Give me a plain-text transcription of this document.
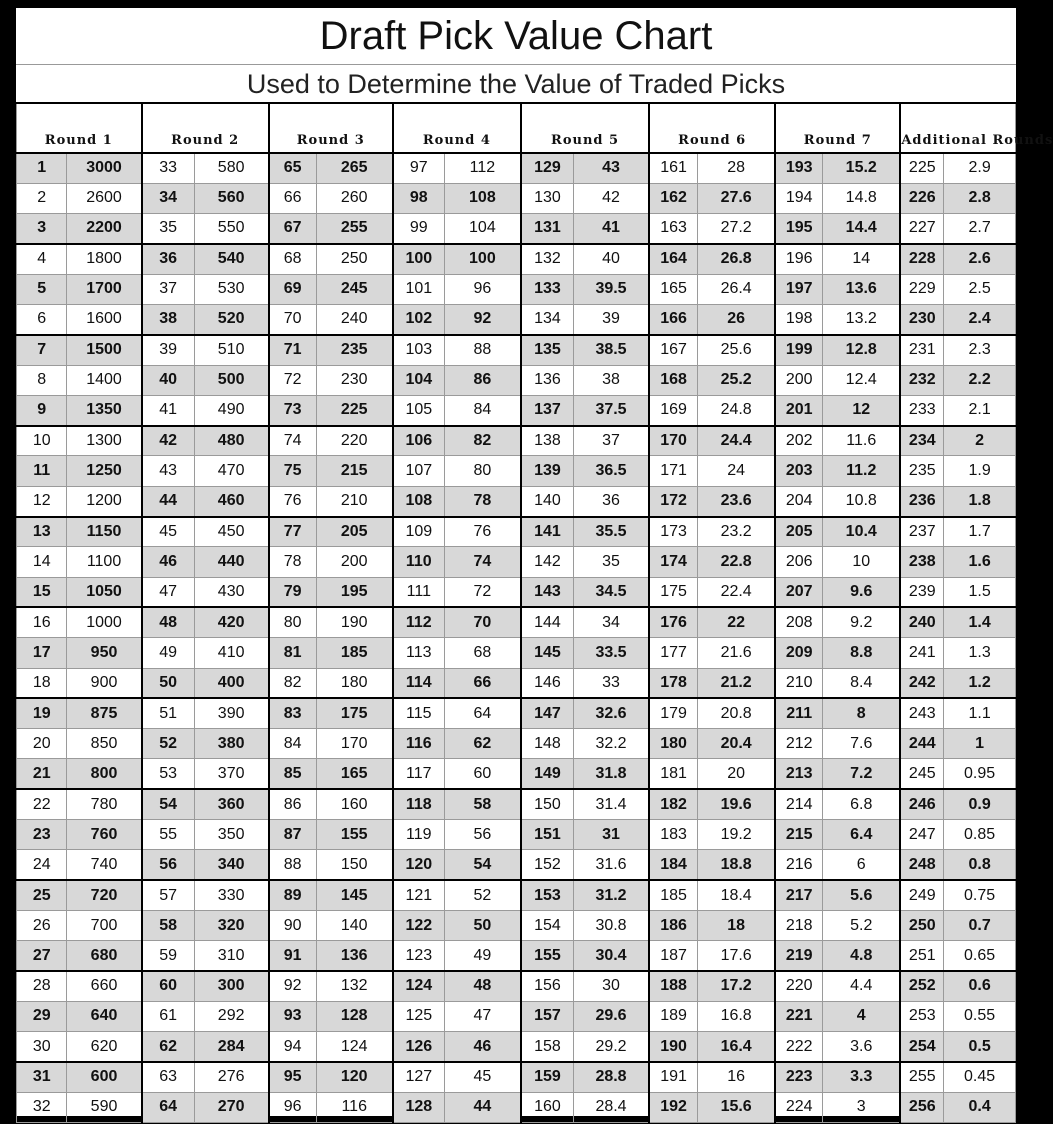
Draft Pick Value Chart
Used to Determine the Value of Traded Picks
Round 1		Round 2		Round 3		Round 4		Round 5		Round 6		Round 7		Additional Rounds	
1	3000	33	580	65	265	97	112	129	43	161	28	193	15.2	225	2.9
2	2600	34	560	66	260	98	108	130	42	162	27.6	194	14.8	226	2.8
3	2200	35	550	67	255	99	104	131	41	163	27.2	195	14.4	227	2.7
4	1800	36	540	68	250	100	100	132	40	164	26.8	196	14	228	2.6
5	1700	37	530	69	245	101	96	133	39.5	165	26.4	197	13.6	229	2.5
6	1600	38	520	70	240	102	92	134	39	166	26	198	13.2	230	2.4
7	1500	39	510	71	235	103	88	135	38.5	167	25.6	199	12.8	231	2.3
8	1400	40	500	72	230	104	86	136	38	168	25.2	200	12.4	232	2.2
9	1350	41	490	73	225	105	84	137	37.5	169	24.8	201	12	233	2.1
10	1300	42	480	74	220	106	82	138	37	170	24.4	202	11.6	234	2
11	1250	43	470	75	215	107	80	139	36.5	171	24	203	11.2	235	1.9
12	1200	44	460	76	210	108	78	140	36	172	23.6	204	10.8	236	1.8
13	1150	45	450	77	205	109	76	141	35.5	173	23.2	205	10.4	237	1.7
14	1100	46	440	78	200	110	74	142	35	174	22.8	206	10	238	1.6
15	1050	47	430	79	195	111	72	143	34.5	175	22.4	207	9.6	239	1.5
16	1000	48	420	80	190	112	70	144	34	176	22	208	9.2	240	1.4
17	950	49	410	81	185	113	68	145	33.5	177	21.6	209	8.8	241	1.3
18	900	50	400	82	180	114	66	146	33	178	21.2	210	8.4	242	1.2
19	875	51	390	83	175	115	64	147	32.6	179	20.8	211	8	243	1.1
20	850	52	380	84	170	116	62	148	32.2	180	20.4	212	7.6	244	1
21	800	53	370	85	165	117	60	149	31.8	181	20	213	7.2	245	0.95
22	780	54	360	86	160	118	58	150	31.4	182	19.6	214	6.8	246	0.9
23	760	55	350	87	155	119	56	151	31	183	19.2	215	6.4	247	0.85
24	740	56	340	88	150	120	54	152	31.6	184	18.8	216	6	248	0.8
25	720	57	330	89	145	121	52	153	31.2	185	18.4	217	5.6	249	0.75
26	700	58	320	90	140	122	50	154	30.8	186	18	218	5.2	250	0.7
27	680	59	310	91	136	123	49	155	30.4	187	17.6	219	4.8	251	0.65
28	660	60	300	92	132	124	48	156	30	188	17.2	220	4.4	252	0.6
29	640	61	292	93	128	125	47	157	29.6	189	16.8	221	4	253	0.55
30	620	62	284	94	124	126	46	158	29.2	190	16.4	222	3.6	254	0.5
31	600	63	276	95	120	127	45	159	28.8	191	16	223	3.3	255	0.45
32	590	64	270	96	116	128	44	160	28.4	192	15.6	224	3	256	0.4
